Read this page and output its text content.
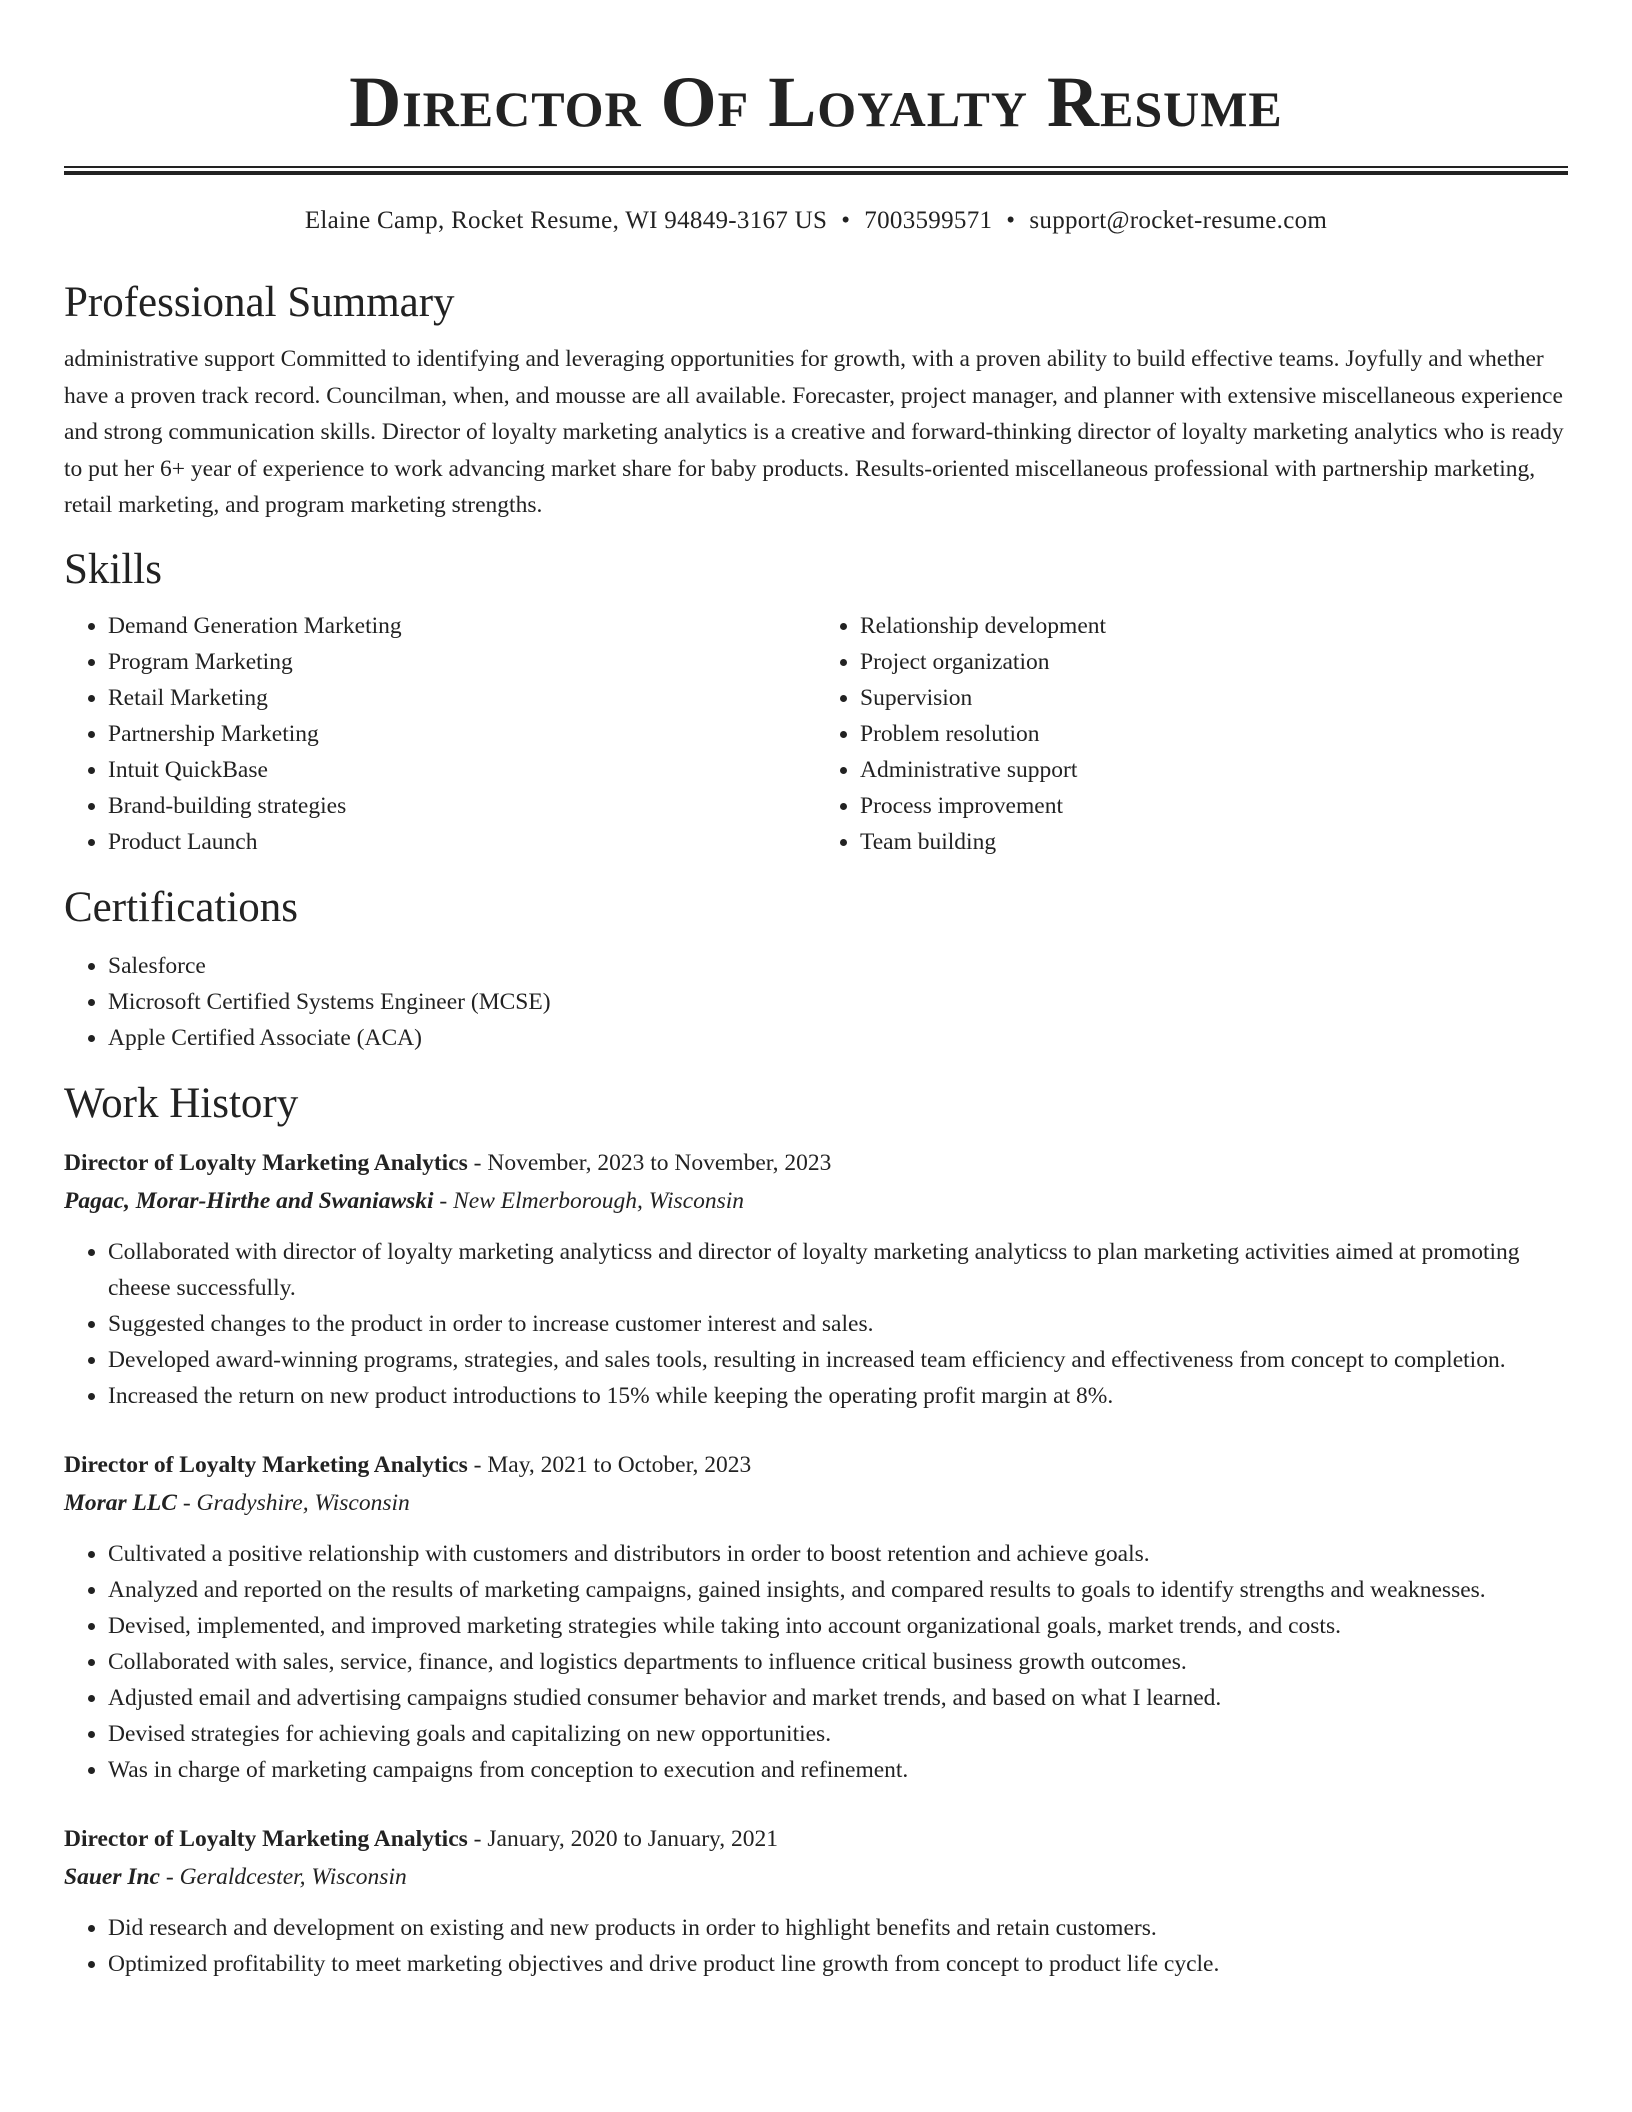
Director Of Loyalty Resume
Elaine Camp, Rocket Resume, WI 94849-3167 US • 7003599571 • support@rocket-resume.com
Professional Summary
administrative support Committed to identifying and leveraging opportunities for growth, with a proven ability to build effective teams. Joyfully and whether have a proven track record. Councilman, when, and mousse are all available. Forecaster, project manager, and planner with extensive miscellaneous experience and strong communication skills. Director of loyalty marketing analytics is a creative and forward-thinking director of loyalty marketing analytics who is ready to put her 6+ year of experience to work advancing market share for baby products. Results-oriented miscellaneous professional with partnership marketing, retail marketing, and program marketing strengths.
Skills
• Demand Generation Marketing
• Program Marketing
• Retail Marketing
• Partnership Marketing
• Intuit QuickBase
• Brand-building strategies
• Product Launch
• Relationship development
• Project organization
• Supervision
• Problem resolution
• Administrative support
• Process improvement
• Team building
Certifications
• Salesforce
• Microsoft Certified Systems Engineer (MCSE)
• Apple Certified Associate (ACA)
Work History
Director of Loyalty Marketing Analytics - November, 2023 to November, 2023
Pagac, Morar-Hirthe and Swaniawski - New Elmerborough, Wisconsin
• Collaborated with director of loyalty marketing analyticss and director of loyalty marketing analyticss to plan marketing activities aimed at promoting cheese successfully.
• Suggested changes to the product in order to increase customer interest and sales.
• Developed award-winning programs, strategies, and sales tools, resulting in increased team efficiency and effectiveness from concept to completion.
• Increased the return on new product introductions to 15% while keeping the operating profit margin at 8%.
Director of Loyalty Marketing Analytics - May, 2021 to October, 2023
Morar LLC - Gradyshire, Wisconsin
• Cultivated a positive relationship with customers and distributors in order to boost retention and achieve goals.
• Analyzed and reported on the results of marketing campaigns, gained insights, and compared results to goals to identify strengths and weaknesses.
• Devised, implemented, and improved marketing strategies while taking into account organizational goals, market trends, and costs.
• Collaborated with sales, service, finance, and logistics departments to influence critical business growth outcomes.
• Adjusted email and advertising campaigns studied consumer behavior and market trends, and based on what I learned.
• Devised strategies for achieving goals and capitalizing on new opportunities.
• Was in charge of marketing campaigns from conception to execution and refinement.
Director of Loyalty Marketing Analytics - January, 2020 to January, 2021
Sauer Inc - Geraldcester, Wisconsin
• Did research and development on existing and new products in order to highlight benefits and retain customers.
• Optimized profitability to meet marketing objectives and drive product line growth from concept to product life cycle.
